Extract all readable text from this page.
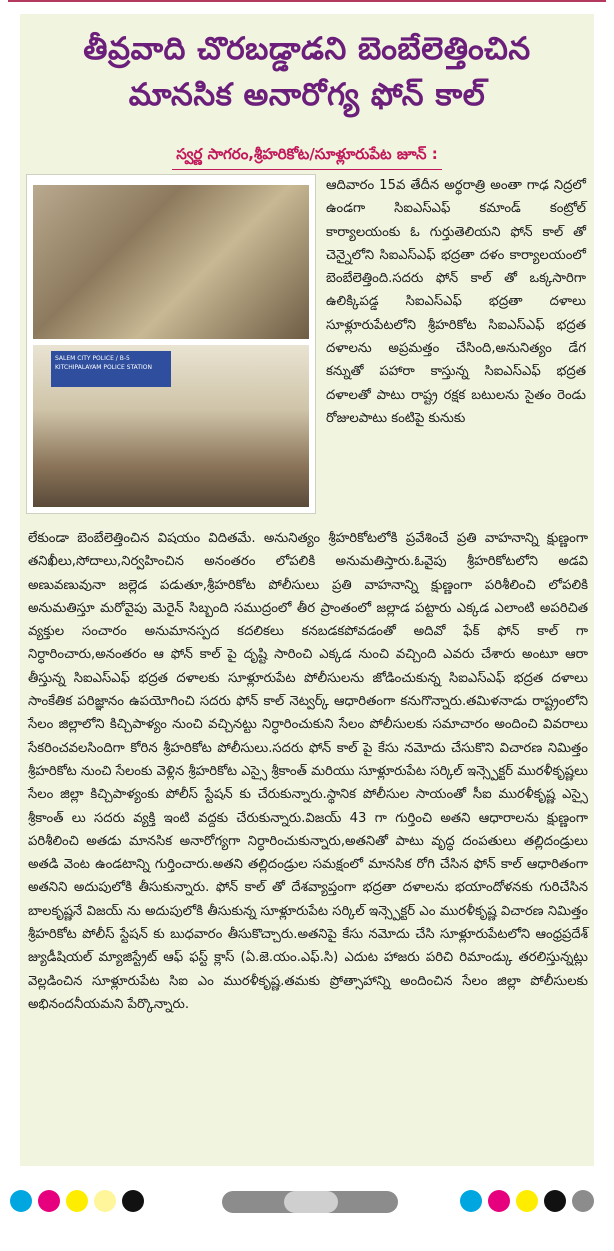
తీవ్రవాది చొరబడ్డాడని బెంబేలెత్తించిన
మానసిక అనారోగ్య ఫోన్ కాల్
స్వర్ణ సాగరం,శ్రీహరికోట/సూళ్లూరుపేట జూన్ :
SALEM CITY POLICE / B-5 KITCHIPALAYAM POLICE STATION

ఆదివారం 15వ తేదీన అర్థరాత్రి అంతా గాఢ నిద్రలో ఉండగా సిఐఎస్ఎఫ్ కమాండ్ కంట్రోల్ కార్యాలయంకు ఓ గుర్తుతెలియని ఫోన్ కాల్ తో చెన్నైలోని సిఐఎస్ఎఫ్ భద్రతా దళం కార్యాలయంలో బెంబేలెత్తింది.సదరు ఫోన్ కాల్ తో ఒక్కసారిగా ఉలిక్కిపడ్డ సిఐఎస్ఎఫ్ భద్రతా దళాలు సూళ్లూరుపేటలోని శ్రీహరికోట సిఐఎస్ఎఫ్ భద్రత దళాలను అప్రమత్తం చేసింది,అనునిత్యం డేగ కన్నుతో పహారా కాస్తున్న సిఐఎస్ఎఫ్ భద్రత దళాలతో పాటు రాష్ట్ర రక్షక బటులను సైతం రెండు రోజులపాటు కంటిపై కునుకు

లేకుండా బెంబేలెత్తించిన విషయం విదితమే. అనునిత్యం శ్రీహరికోటలోకి ప్రవేశించే ప్రతి వాహనాన్ని క్షుణ్ణంగా తనిఖీలు,సోదాలు,నిర్వహించిన అనంతరం లోపలికి అనుమతిస్తారు.ఓవైపు శ్రీహరికోటలోని అడవి అణువణువునా జల్లెడ పడుతూ,శ్రీహరికోట పోలీసులు ప్రతి వాహనాన్ని క్షుణ్ణంగా పరిశీలించి లోపలికి అనుమతిస్తూ మరోవైపు మెరైన్ సిబ్బంది సముద్రంలో తీర ప్రాంతంలో జల్లాడ పట్టారు ఎక్కడ ఎలాంటి అపరిచిత వ్యక్తుల సంచారం అనుమానస్పద కదలికలు కనబడకపోవడంతో అదివో ఫేక్ ఫోన్ కాల్ గా నిర్ధారించారు,అనంతరం ఆ ఫోన్ కాల్ పై దృష్టి సారించి ఎక్కడ నుంచి వచ్చింది ఎవరు చేశారు అంటూ ఆరా తీస్తున్న సిఐఎస్ఎఫ్ భద్రత దళాలకు సూళ్లూరుపేట పోలీసులను జోడించుకున్న సిఐఎస్ఎఫ్ భద్రత దళాలు సాంకేతిక పరిజ్ఞానం ఉపయోగించి సదరు ఫోన్ కాల్ నెట్వర్క్ ఆధారితంగా కనుగొన్నారు.తమిళనాడు రాష్ట్రంలోని సేలం జిల్లాలోని కిచ్చిపాళ్యం నుంచి వచ్చినట్టు నిర్ధారించుకుని సేలం పోలీసులకు సమాచారం అందించి వివరాలు సేకరించవలసిందిగా కోరిన శ్రీహరికోట పోలీసులు.సదరు ఫోన్ కాల్ పై కేసు నమోదు చేసుకొని విచారణ నిమిత్తం శ్రీహరికోట నుంచి సేలంకు వెళ్లిన శ్రీహరికోట ఎస్సై శ్రీకాంత్ మరియు సూళ్లూరుపేట సర్కిల్ ఇన్స్పెక్టర్ మురళీకృష్ణలు సేలం జిల్లా కిచ్చిపాళ్యంకు పోలీస్ స్టేషన్ కు చేరుకున్నారు.స్థానిక పోలీసుల సాయంతో సీఐ మురళీకృష్ణ ఎస్సై శ్రీకాంత్ లు సదరు వ్యక్తి ఇంటి వద్దకు చేరుకున్నారు.విజయ్ 43 గా గుర్తించి అతని ఆధారాలను క్షుణ్ణంగా పరిశీలించి అతడు మానసిక అనారోగ్యగా నిర్ధారించుకున్నారు,అతనితో పాటు వృద్ధ దంపతులు తల్లిదండ్రులు అతడి వెంట ఉండటాన్ని గుర్తించారు.అతని తల్లిదండ్రుల సమక్షంలో మానసిక రోగి చేసిన ఫోన్ కాల్ ఆధారితంగా అతనిని అదుపులోకి తీసుకున్నారు. ఫోన్ కాల్ తో దేశవ్యాప్తంగా భద్రతా దళాలను భయాందోళనకు గురిచేసిన బాలకృష్ణనే విజయ్ ను అదుపులోకి తీసుకున్న సూళ్లూరుపేట సర్కిల్ ఇన్స్పెక్టర్ ఎం మురళీకృష్ణ విచారణ నిమిత్తం శ్రీహరికోట పోలీస్ స్టేషన్ కు బుధవారం తీసుకొచ్చారు.అతనిపై కేసు నమోదు చేసి సూళ్లూరుపేటలోని ఆంధ్రప్రదేశ్ జ్యుడీషియల్ మ్యాజిస్ట్రేట్ ఆఫ్ ఫస్ట్ క్లాస్ (ఏ.జె.యం.ఎఫ్.సి) ఎదుట హాజరు పరిచి రిమాండ్కు తరలిస్తున్నట్లు వెల్లడించిన సూళ్లూరుపేట సిఐ ఎం మురళీకృష్ణ.తమకు ప్రోత్సాహాన్ని అందించిన సేలం జిల్లా పోలీసులకు అభినందనీయమని పేర్కొన్నారు.
